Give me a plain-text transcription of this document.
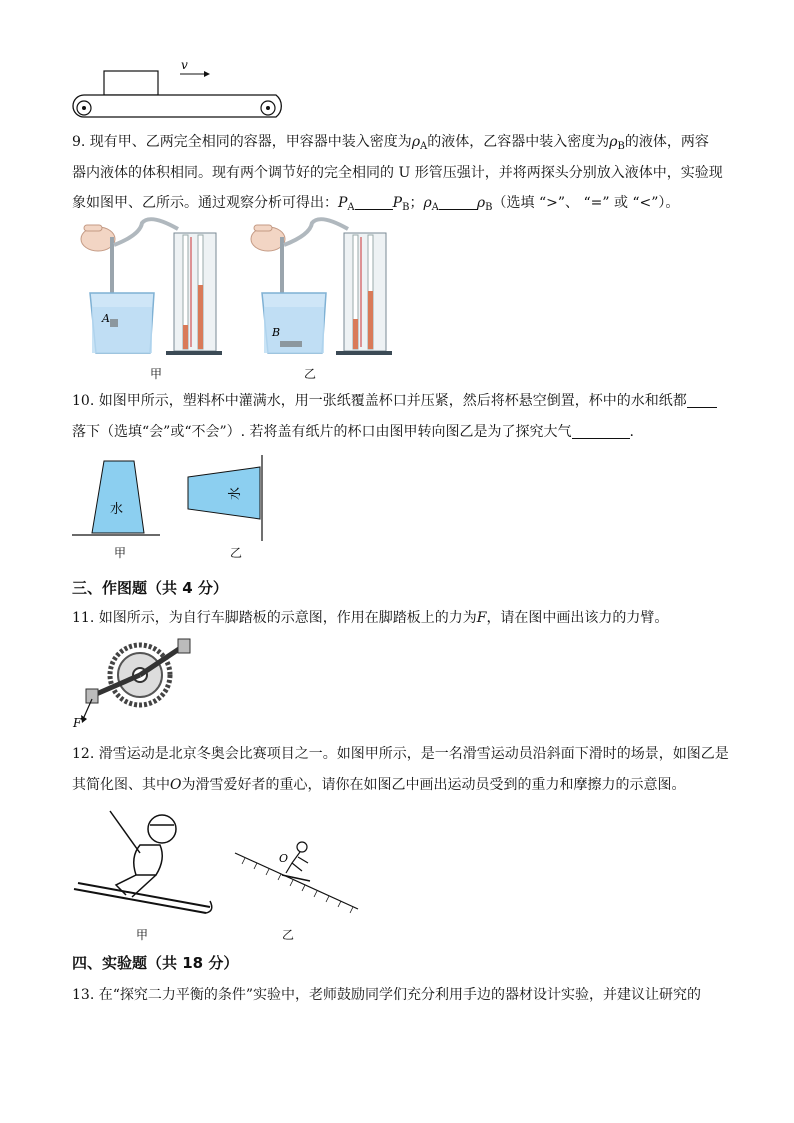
v
9. 现有甲、乙两完全相同的容器，甲容器中装入密度为$\rho_A$的液体，乙容器中装入密度为$\rho_B$的液体，两容
器内液体的体积相同。现有两个调节好的完全相同的 U 形管压强计，并将两探头分别放入液体中，实验现
象如图甲、乙所示。通过观察分析可得出：$P_A$	$P_B$；$\rho_A$	$\rho_B$（选填 “>”、 “=” 或 “<”）。
A
甲
B
乙
10. 如图甲所示，塑料杯中灌满水，用一张纸覆盖杯口并压紧，然后将杯悬空倒置，杯中的水和纸都
落下（选填“会”或“不会”）. 若将盖有纸片的杯口由图甲转向图乙是为了探究大气	.
水
水
甲	乙
三、作图题（共 4 分）
11. 如图所示，为自行车脚踏板的示意图，作用在脚踏板上的力为F，请在图中画出该力的力臂。
F
12. 滑雪运动是北京冬奥会比赛项目之一。如图甲所示，是一名滑雪运动员沿斜面下滑时的场景，如图乙是
其简化图、其中O为滑雪爱好者的重心，请你在如图乙中画出运动员受到的重力和摩擦力的示意图。
O
甲	乙
四、实验题（共 18 分）
13. 在“探究二力平衡的条件”实验中，老师鼓励同学们充分利用手边的器材设计实验，并建议让研究的
